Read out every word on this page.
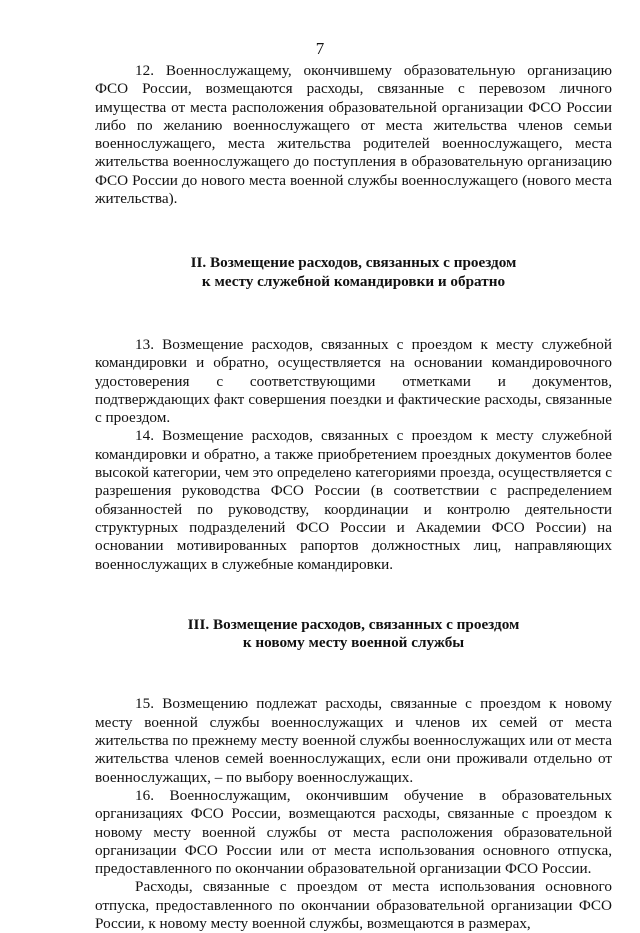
7

12. Военнослужащему, окончившему образовательную организацию ФСО России, возмещаются расходы, связанные с перевозом личного имущества от места расположения образовательной организации ФСО России либо по желанию военнослужащего от места жительства членов семьи военнослужащего, места жительства родителей военнослужащего, места жительства военнослужащего до поступления в образовательную организацию ФСО России до нового места военной службы военнослужащего (нового места жительства).

II. Возмещение расходов, связанных с проездом

к месту служебной командировки и обратно

13. Возмещение расходов, связанных с проездом к месту служебной командировки и обратно, осуществляется на основании командировочного удостоверения с соответствующими отметками и документов, подтверждающих факт совершения поездки и фактические расходы, связанные с проездом.

14. Возмещение расходов, связанных с проездом к месту служебной командировки и обратно, а также приобретением проездных документов более высокой категории, чем это определено категориями проезда, осуществляется с разрешения руководства ФСО России (в соответствии с распределением обязанностей по руководству, координации и контролю деятельности структурных подразделений ФСО России и Академии ФСО России) на основании мотивированных рапортов должностных лиц, направляющих военнослужащих в служебные командировки.

III. Возмещение расходов, связанных с проездом

к новому месту военной службы

15. Возмещению подлежат расходы, связанные с проездом к новому месту военной службы военнослужащих и членов их семей от места жительства по прежнему месту военной службы военнослужащих или от места жительства членов семей военнослужащих, если они проживали отдельно от военнослужащих, – по выбору военнослужащих.

16. Военнослужащим, окончившим обучение в образовательных организациях ФСО России, возмещаются расходы, связанные с проездом к новому месту военной службы от места расположения образовательной организации ФСО России или от места использования основного отпуска, предоставленного по окончании образовательной организации ФСО России.

Расходы, связанные с проездом от места использования основного отпуска, предоставленного по окончании образовательной организации ФСО России, к новому месту военной службы, возмещаются в размерах,
